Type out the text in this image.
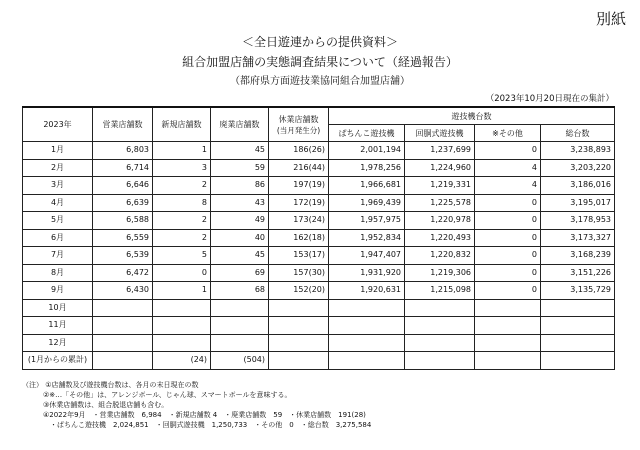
別紙
＜全日遊連からの提供資料＞
組合加盟店舗の実態調査結果について（経過報告）
（都府県方面遊技業協同組合加盟店舗）
（2023年10月20日現在の集計）
2023年	営業店舗数	新規店舗数	廃業店舗数	休業店舗数
(当月発生分)	遊技機台数			
					ぱちんこ遊技機	回胴式遊技機	※その他	総台数
1月	6,803	1	45	186(26)	2,001,194	1,237,699	0	3,238,893
2月	6,714	3	59	216(44)	1,978,256	1,224,960	4	3,203,220
3月	6,646	2	86	197(19)	1,966,681	1,219,331	4	3,186,016
4月	6,639	8	43	172(19)	1,969,439	1,225,578	0	3,195,017
5月	6,588	2	49	173(24)	1,957,975	1,220,978	0	3,178,953
6月	6,559	2	40	162(18)	1,952,834	1,220,493	0	3,173,327
7月	6,539	5	45	153(17)	1,947,407	1,220,832	0	3,168,239
8月	6,472	0	69	157(30)	1,931,920	1,219,306	0	3,151,226
9月	6,430	1	68	152(20)	1,920,631	1,215,098	0	3,135,729
10月								
11月								
12月								
(1月からの累計)		(24)	(504)					
（注） ①店舗数及び遊技機台数は、各月の末日現在の数
　　　②※…「その他」は、アレンジボール、じゃん球、スマートボールを意味する。
　　　③休業店舗数は、組合脱退店舗も含む。
　　　④2022年9月　・営業店舗数　6,984　・新規店舗数 4　・廃業店舗数　59　・休業店舗数　191(28)
　　　　・ぱちんこ遊技機　2,024,851　・回胴式遊技機　1,250,733　・その他　0　・総台数　3,275,584
